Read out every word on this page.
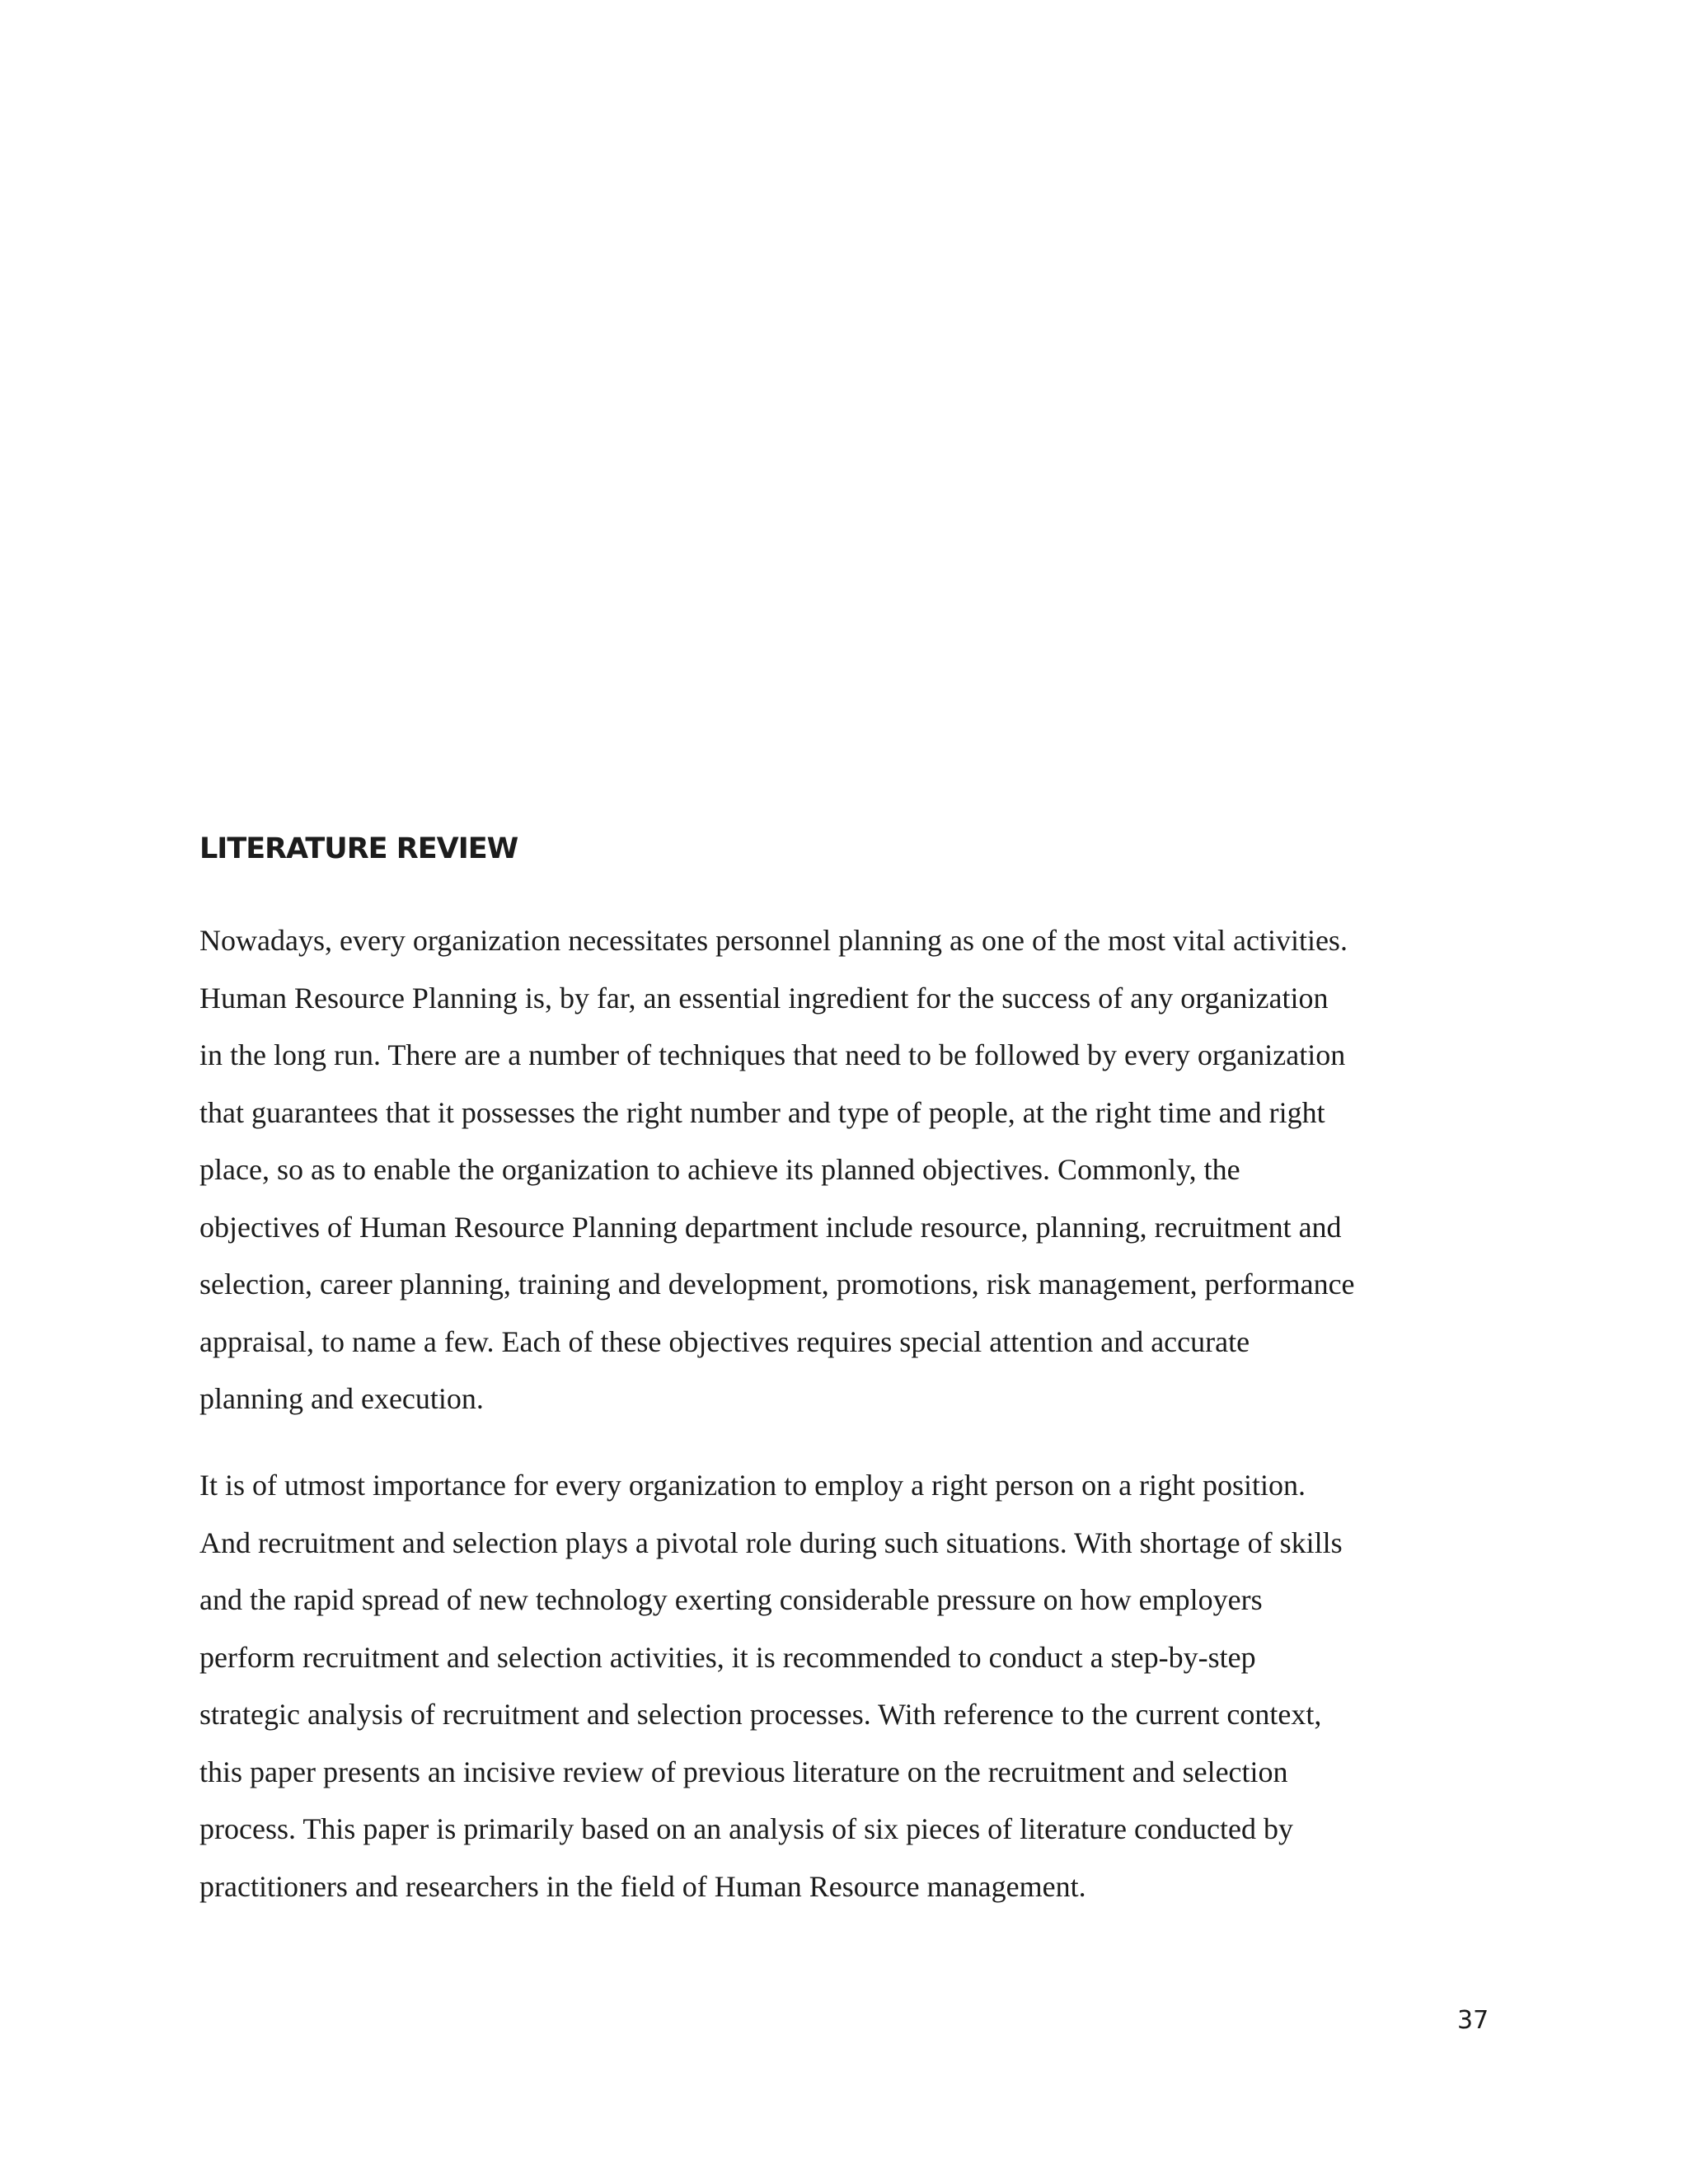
LITERATURE REVIEW
Nowadays, every organization necessitates personnel planning as one of the most vital activities.
Human Resource Planning is, by far, an essential ingredient for the success of any organization
in the long run. There are a number of techniques that need to be followed by every organization
that guarantees that it possesses the right number and type of people, at the right time and right
place, so as to enable the organization to achieve its planned objectives. Commonly, the
objectives of Human Resource Planning department include resource, planning, recruitment and
selection, career planning, training and development, promotions, risk management, performance
appraisal, to name a few. Each of these objectives requires special attention and accurate
planning and execution.
It is of utmost importance for every organization to employ a right person on a right position.
And recruitment and selection plays a pivotal role during such situations. With shortage of skills
and the rapid spread of new technology exerting considerable pressure on how employers
perform recruitment and selection activities, it is recommended to conduct a step-by-step
strategic analysis of recruitment and selection processes. With reference to the current context,
this paper presents an incisive review of previous literature on the recruitment and selection
process. This paper is primarily based on an analysis of six pieces of literature conducted by
practitioners and researchers in the field of Human Resource management.
37
